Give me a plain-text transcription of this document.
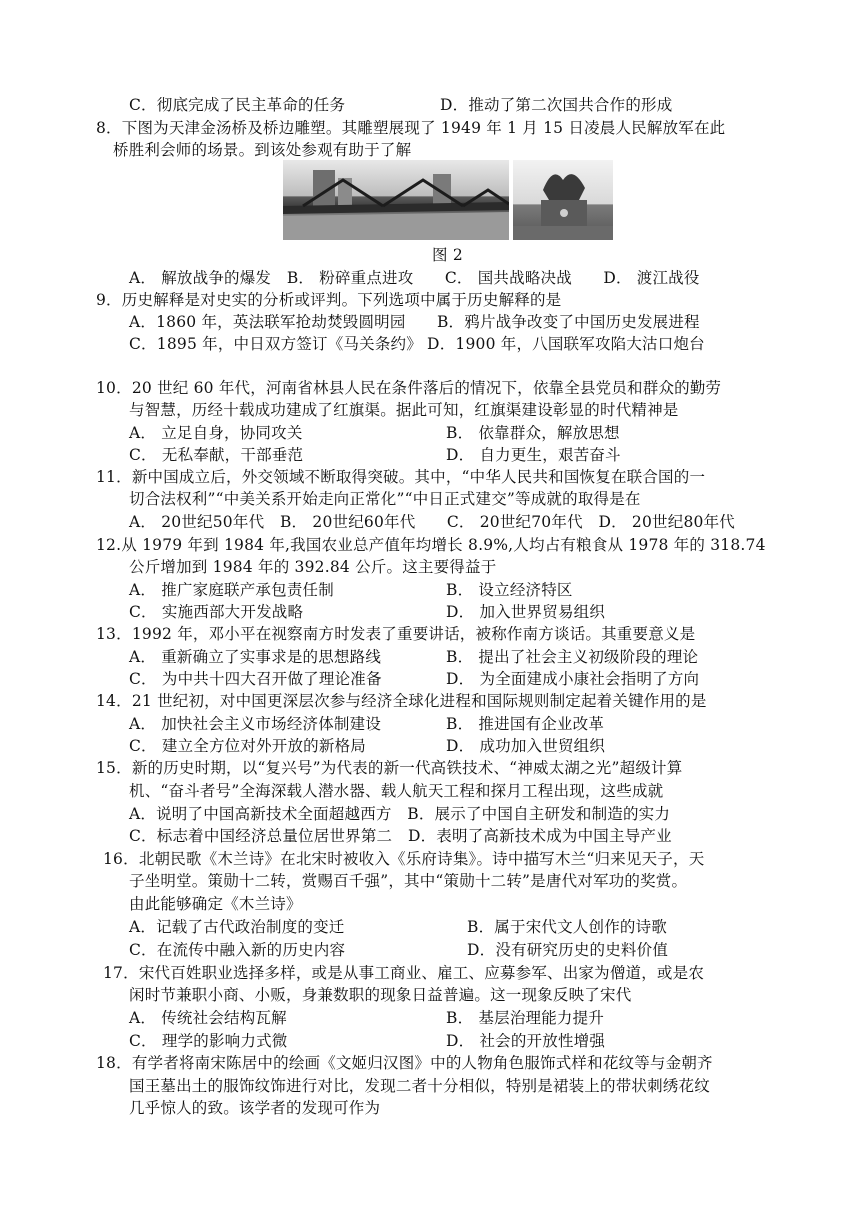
C．彻底完成了民主革命的任务	D．推动了第二次国共合作的形成
8．下图为天津金汤桥及桥边雕塑。其雕塑展现了 1949 年 1 月 15 日凌晨人民解放军在此
桥胜利会师的场景。到该处参观有助于了解
图 2
A． 解放战争的爆发　B． 粉碎重点进攻　　C． 国共战略决战　　D． 渡江战役
9．历史解释是对史实的分析或评判。下列选项中属于历史解释的是
A．1860 年，英法联军抢劫焚毁圆明园　　B．鸦片战争改变了中国历史发展进程
C．1895 年，中日双方签订《马关条约》 D．1900 年，八国联军攻陷大沽口炮台
10．20 世纪 60 年代，河南省林县人民在条件落后的情况下，依靠全县党员和群众的勤劳
与智慧，历经十载成功建成了红旗渠。据此可知，红旗渠建设彰显的时代精神是
A． 立足自身，协同攻关	B． 依靠群众，解放思想
C． 无私奉献，干部垂范	D． 自力更生，艰苦奋斗
11．新中国成立后，外交领域不断取得突破。其中，“中华人民共和国恢复在联合国的一
切合法权利”“中美关系开始走向正常化”“中日正式建交”等成就的取得是在
A． 20世纪50年代　B． 20世纪60年代　　C． 20世纪70年代　D． 20世纪80年代
12.从 1979 年到 1984 年,我国农业总产值年均增长 8.9%,人均占有粮食从 1978 年的 318.74
公斤增加到 1984 年的 392.84 公斤。这主要得益于
A． 推广家庭联产承包责任制	B． 设立经济特区
C． 实施西部大开发战略	D． 加入世界贸易组织
13．1992 年，邓小平在视察南方时发表了重要讲话，被称作南方谈话。其重要意义是
A． 重新确立了实事求是的思想路线	B． 提出了社会主义初级阶段的理论
C． 为中共十四大召开做了理论准备	D． 为全面建成小康社会指明了方向
14．21 世纪初，对中国更深层次参与经济全球化进程和国际规则制定起着关键作用的是
A． 加快社会主义市场经济体制建设	B． 推进国有企业改革
C． 建立全方位对外开放的新格局	D． 成功加入世贸组织
15．新的历史时期，以“复兴号”为代表的新一代高铁技术、“神威太湖之光”超级计算
机、“奋斗者号”全海深载人潜水器、载人航天工程和探月工程出现，这些成就
A．说明了中国高新技术全面超越西方　B．展示了中国自主研发和制造的实力
C．标志着中国经济总量位居世界第二　D．表明了高新技术成为中国主导产业
16．北朝民歌《木兰诗》在北宋时被收入《乐府诗集》。诗中描写木兰“归来见天子，天
子坐明堂。策勋十二转，赏赐百千强”，其中“策勋十二转”是唐代对军功的奖赏。
由此能够确定《木兰诗》
A．记载了古代政治制度的变迁	B．属于宋代文人创作的诗歌
C．在流传中融入新的历史内容	D．没有研究历史的史料价值
17．宋代百姓职业选择多样，或是从事工商业、雇工、应募参军、出家为僧道，或是农
闲时节兼职小商、小贩，身兼数职的现象日益普遍。这一现象反映了宋代
A． 传统社会结构瓦解	B． 基层治理能力提升
C． 理学的影响力式微	D． 社会的开放性增强
18．有学者将南宋陈居中的绘画《文姬归汉图》中的人物角色服饰式样和花纹等与金朝齐
国王墓出土的服饰纹饰进行对比，发现二者十分相似，特别是裙装上的带状刺绣花纹
几乎惊人的致。该学者的发现可作为
